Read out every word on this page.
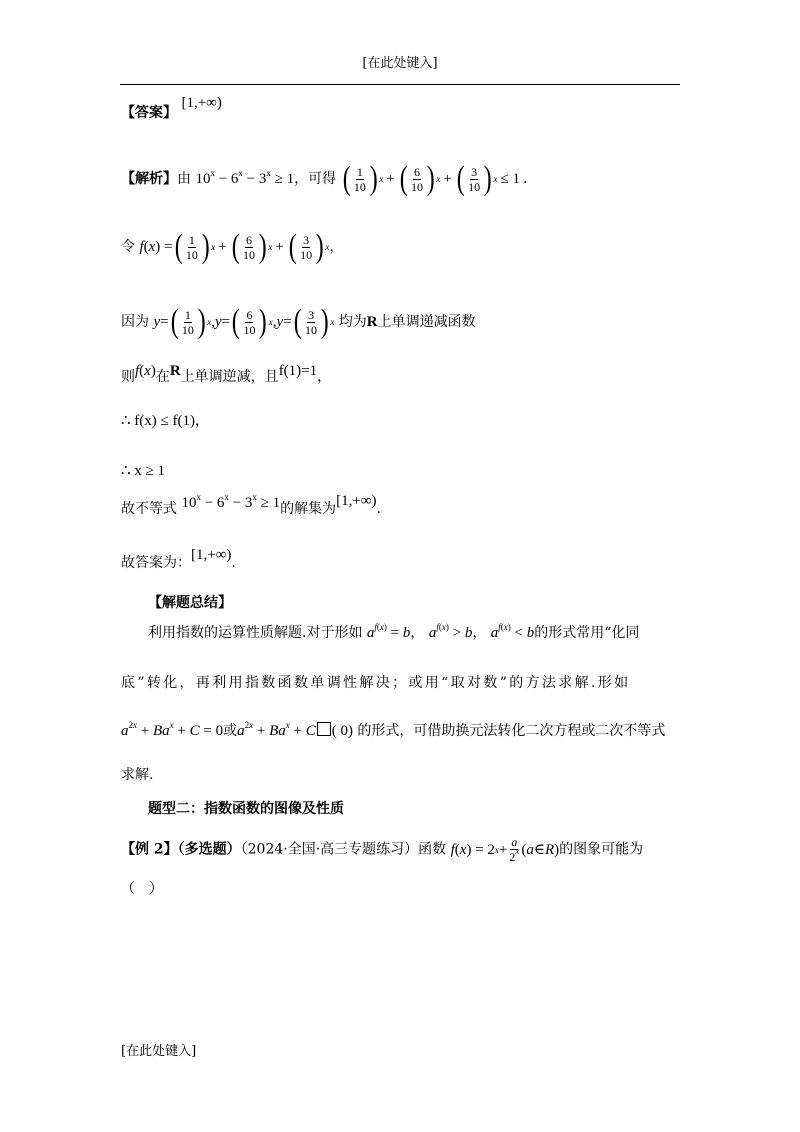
[在此处键入]
【答案】 [1,+∞)
【解析】由 $10^x - 6^x - 3^x \ge 1$，可得 ( $\frac{1}{10}$ ) x + ( $\frac{6}{10}$ ) x + ( $\frac{3}{10}$ ) x ≤ 1 .
令 f ( x ) = ( $\frac{1}{10}$ ) x + ( $\frac{6}{10}$ ) x + ( $\frac{3}{10}$ ) x ，
因为 y = ( $\frac{1}{10}$ ) x , y = ( $\frac{6}{10}$ ) x , y = ( $\frac{3}{10}$ ) x 均为R上单调递减函数
则f(x)在R上单调逆减，且f(1)=1，
∴ f(x) ≤ f(1)，
∴ x ≥ 1
故不等式 $10^x - 6^x - 3^x \ge 1$的解集为[1,+∞).
故答案为：[1,+∞).
【解题总结】
利用指数的运算性质解题.对于形如 $a^{f(x)} = b$， $a^{f(x)} > b$， $a^{f(x)} < b$的形式常用“化同
底”转化，再利用指数函数单调性解决；或用“取对数”的方法求解.形如
$a^{2x} + Ba^x + C = 0$或$a^{2x} + Ba^x + C$ ( 0) 的形式，可借助换元法转化二次方程或二次不等式
求解.
题型二：指数函数的图像及性质
【例 2】（多选题）（2024·全国·高三专题练习）函数 f ( x ) = 2 $x + \frac{a}{2^x}$ ( a ∈ R ) 的图象可能为
（　）
[在此处键入]
